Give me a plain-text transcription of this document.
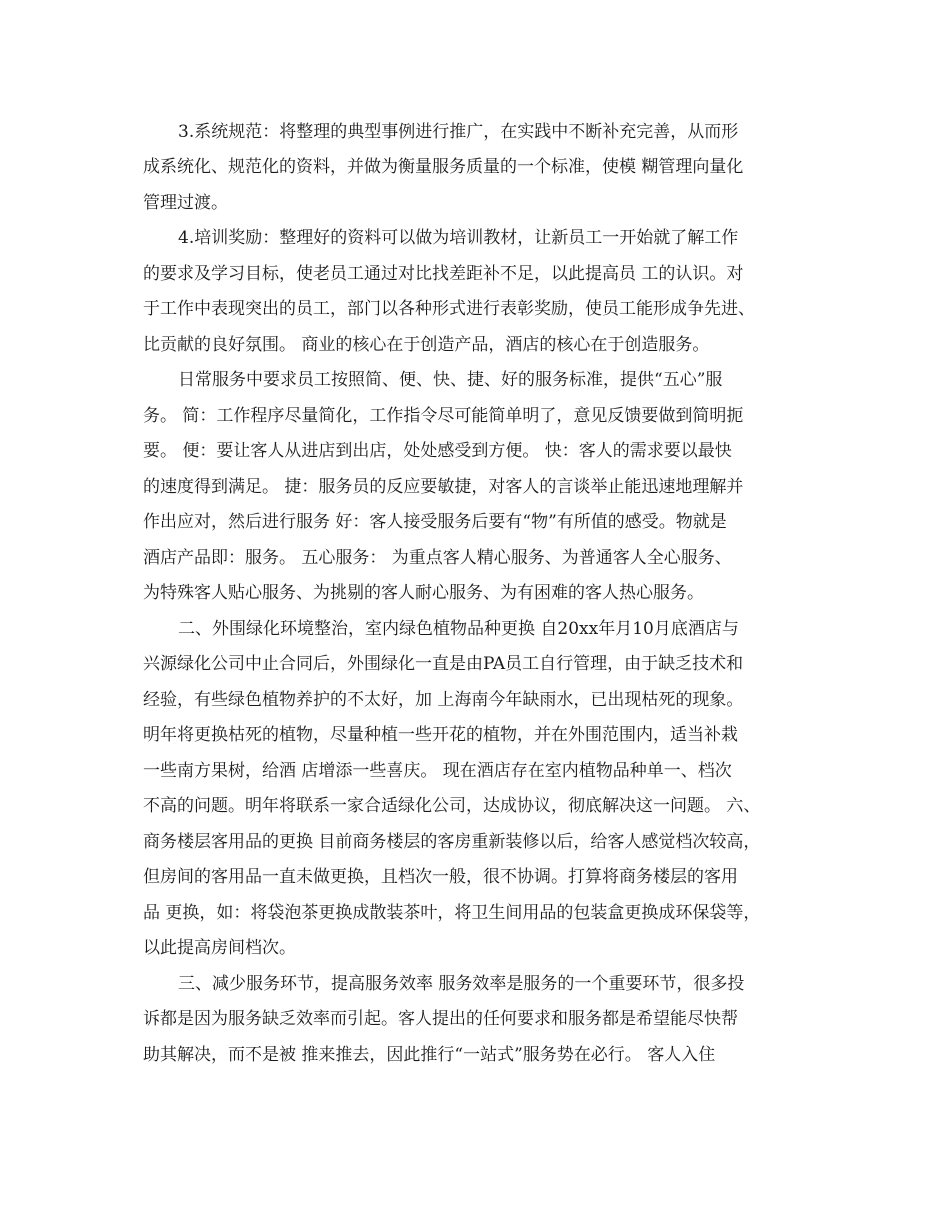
3.系统规范：将整理的典型事例进行推广，在实践中不断补充完善，从而形
成系统化、规范化的资料，并做为衡量服务质量的一个标准，使模 糊管理向量化
管理过渡。
4.培训奖励：整理好的资料可以做为培训教材，让新员工一开始就了解工作
的要求及学习目标，使老员工通过对比找差距补不足，以此提高员 工的认识。对
于工作中表现突出的员工，部门以各种形式进行表彰奖励，使员工能形成争先进、
比贡献的良好氛围。 商业的核心在于创造产品，酒店的核心在于创造服务。
日常服务中要求员工按照简、便、快、捷、好的服务标准，提供“五心”服
务。 简：工作程序尽量简化，工作指令尽可能简单明了，意见反馈要做到简明扼
要。 便：要让客人从进店到出店，处处感受到方便。 快：客人的需求要以最快
的速度得到满足。 捷：服务员的反应要敏捷，对客人的言谈举止能迅速地理解并
作出应对，然后进行服务 好：客人接受服务后要有“物”有所值的感受。物就是
酒店产品即：服务。 五心服务： 为重点客人精心服务、为普通客人全心服务、
为特殊客人贴心服务、为挑剔的客人耐心服务、为有困难的客人热心服务。
二、外围绿化环境整治，室内绿色植物品种更换 自20xx年月10月底酒店与
兴源绿化公司中止合同后，外围绿化一直是由PA员工自行管理，由于缺乏技术和
经验，有些绿色植物养护的不太好，加 上海南今年缺雨水，已出现枯死的现象。
明年将更换枯死的植物，尽量种植一些开花的植物，并在外围范围内，适当补栽
一些南方果树，给酒 店增添一些喜庆。 现在酒店存在室内植物品种单一、档次
不高的问题。明年将联系一家合适绿化公司，达成协议，彻底解决这一问题。 六、
商务楼层客用品的更换 目前商务楼层的客房重新装修以后，给客人感觉档次较高，
但房间的客用品一直未做更换，且档次一般，很不协调。打算将商务楼层的客用
品 更换，如：将袋泡茶更换成散装茶叶，将卫生间用品的包装盒更换成环保袋等，
以此提高房间档次。
三、减少服务环节，提高服务效率 服务效率是服务的一个重要环节，很多投
诉都是因为服务缺乏效率而引起。客人提出的任何要求和服务都是希望能尽快帮
助其解决，而不是被 推来推去，因此推行“一站式”服务势在必行。 客人入住
